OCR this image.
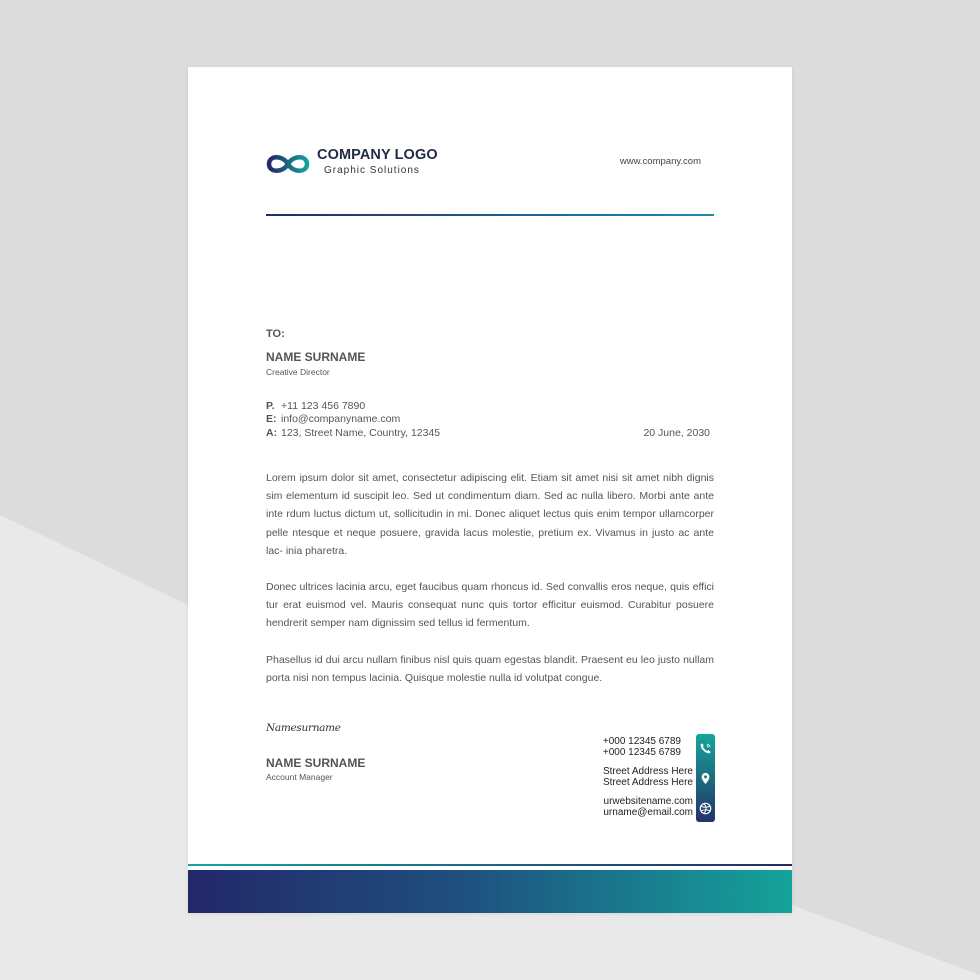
COMPANY LOGO
Graphic Solutions
www.company.com
TO:
NAME SURNAME
Creative Director
P. +11 123 456 7890
E: info@companyname.com
A: 123, Street Name, Country, 12345	20 June, 2030

Lorem ipsum dolor sit amet, consectetur adipiscing elit. Etiam sit amet nisi sit amet nibh dignis sim elementum id suscipit leo. Sed ut condimentum diam. Sed ac nulla libero. Morbi ante ante inte rdum luctus dictum ut, sollicitudin in mi. Donec aliquet lectus quis enim tempor ullamcorper pelle ntesque et neque posuere, gravida lacus molestie, pretium ex. Vivamus in justo ac ante lac- inia pharetra.

Donec ultrices lacinia arcu, eget faucibus quam rhoncus id. Sed convallis eros neque, quis effici tur erat euismod vel. Mauris consequat nunc quis tortor efficitur euismod. Curabitur posuere hendrerit semper nam dignissim sed tellus id fermentum.

Phasellus id dui arcu nullam finibus nisl quis quam egestas blandit. Praesent eu leo justo nullam porta nisi non tempus lacinia. Quisque molestie nulla id volutpat congue.

Namesurname
NAME SURNAME
Account Manager
+000 12345 6789
+000 12345 6789
Street Address Here
Street Address Here
urwebsitename.com
urname@email.com
